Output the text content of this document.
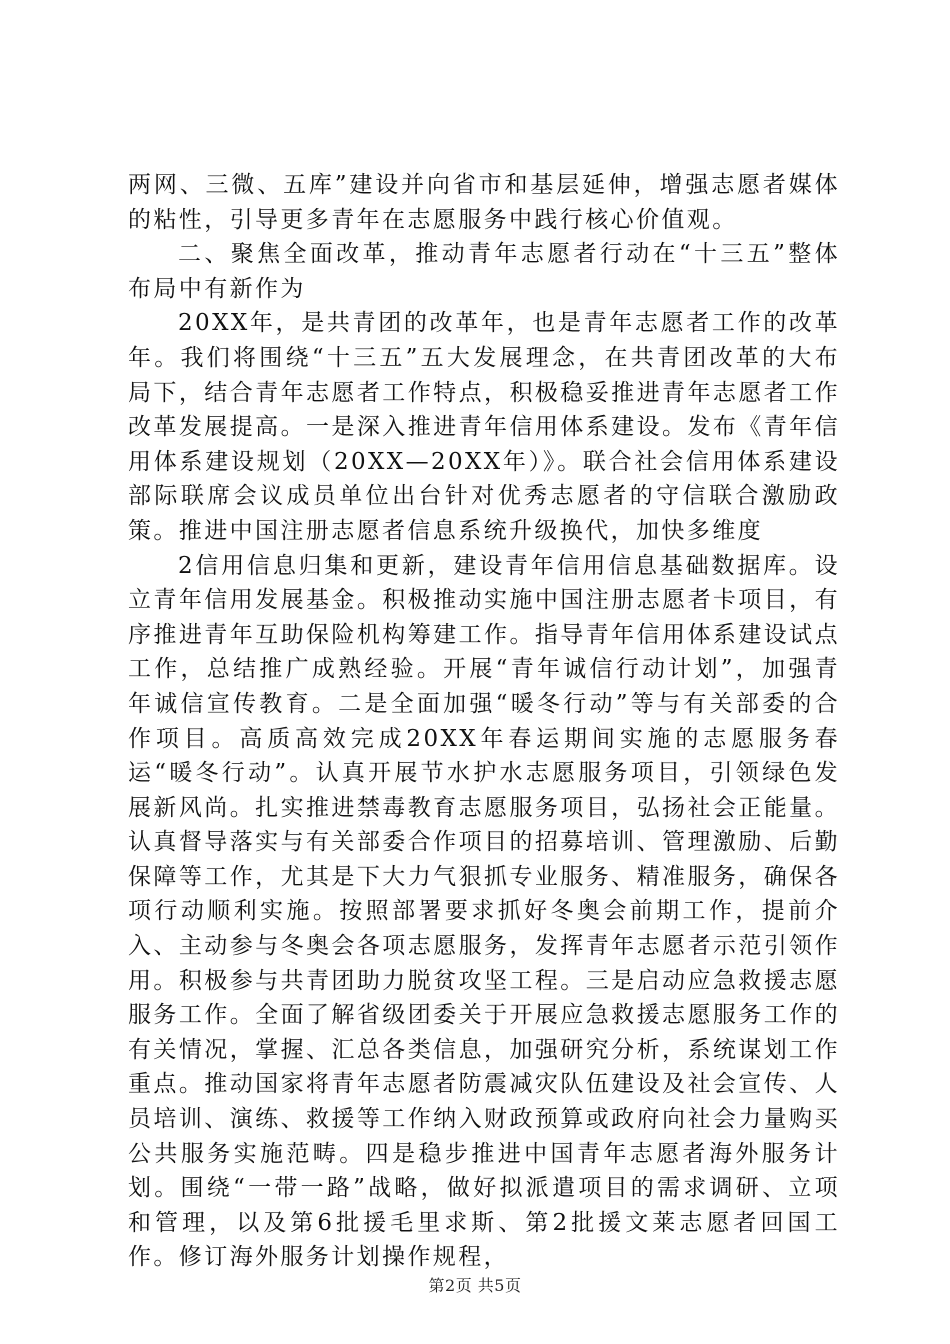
两网、三微、五库”建设并向省市和基层延伸，增强志愿者媒体的粘性，引导更多青年在志愿服务中践行核心价值观。

二、聚焦全面改革，推动青年志愿者行动在“十三五”整体布局中有新作为

20XX年，是共青团的改革年，也是青年志愿者工作的改革年。我们将围绕“十三五”五大发展理念，在共青团改革的大布局下，结合青年志愿者工作特点，积极稳妥推进青年志愿者工作改革发展提高。一是深入推进青年信用体系建设。发布《青年信用体系建设规划（20XX—20XX年）》。联合社会信用体系建设部际联席会议成员单位出台针对优秀志愿者的守信联合激励政策。推进中国注册志愿者信息系统升级换代，加快多维度

2信用信息归集和更新，建设青年信用信息基础数据库。设立青年信用发展基金。积极推动实施中国注册志愿者卡项目，有序推进青年互助保险机构筹建工作。指导青年信用体系建设试点工作，总结推广成熟经验。开展“青年诚信行动计划”，加强青年诚信宣传教育。二是全面加强“暖冬行动”等与有关部委的合作项目。高质高效完成20XX年春运期间实施的志愿服务春运“暖冬行动”。认真开展节水护水志愿服务项目，引领绿色发展新风尚。扎实推进禁毒教育志愿服务项目，弘扬社会正能量。认真督导落实与有关部委合作项目的招募培训、管理激励、后勤保障等工作，尤其是下大力气狠抓专业服务、精准服务，确保各项行动顺利实施。按照部署要求抓好冬奥会前期工作，提前介入、主动参与冬奥会各项志愿服务，发挥青年志愿者示范引领作用。积极参与共青团助力脱贫攻坚工程。三是启动应急救援志愿服务工作。全面了解省级团委关于开展应急救援志愿服务工作的有关情况，掌握、汇总各类信息，加强研究分析，系统谋划工作重点。推动国家将青年志愿者防震减灾队伍建设及社会宣传、人员培训、演练、救援等工作纳入财政预算或政府向社会力量购买公共服务实施范畴。四是稳步推进中国青年志愿者海外服务计划。围绕“一带一路”战略，做好拟派遣项目的需求调研、立项和管理，以及第6批援毛里求斯、第2批援文莱志愿者回国工作。修订海外服务计划操作规程，

第2页 共5页
